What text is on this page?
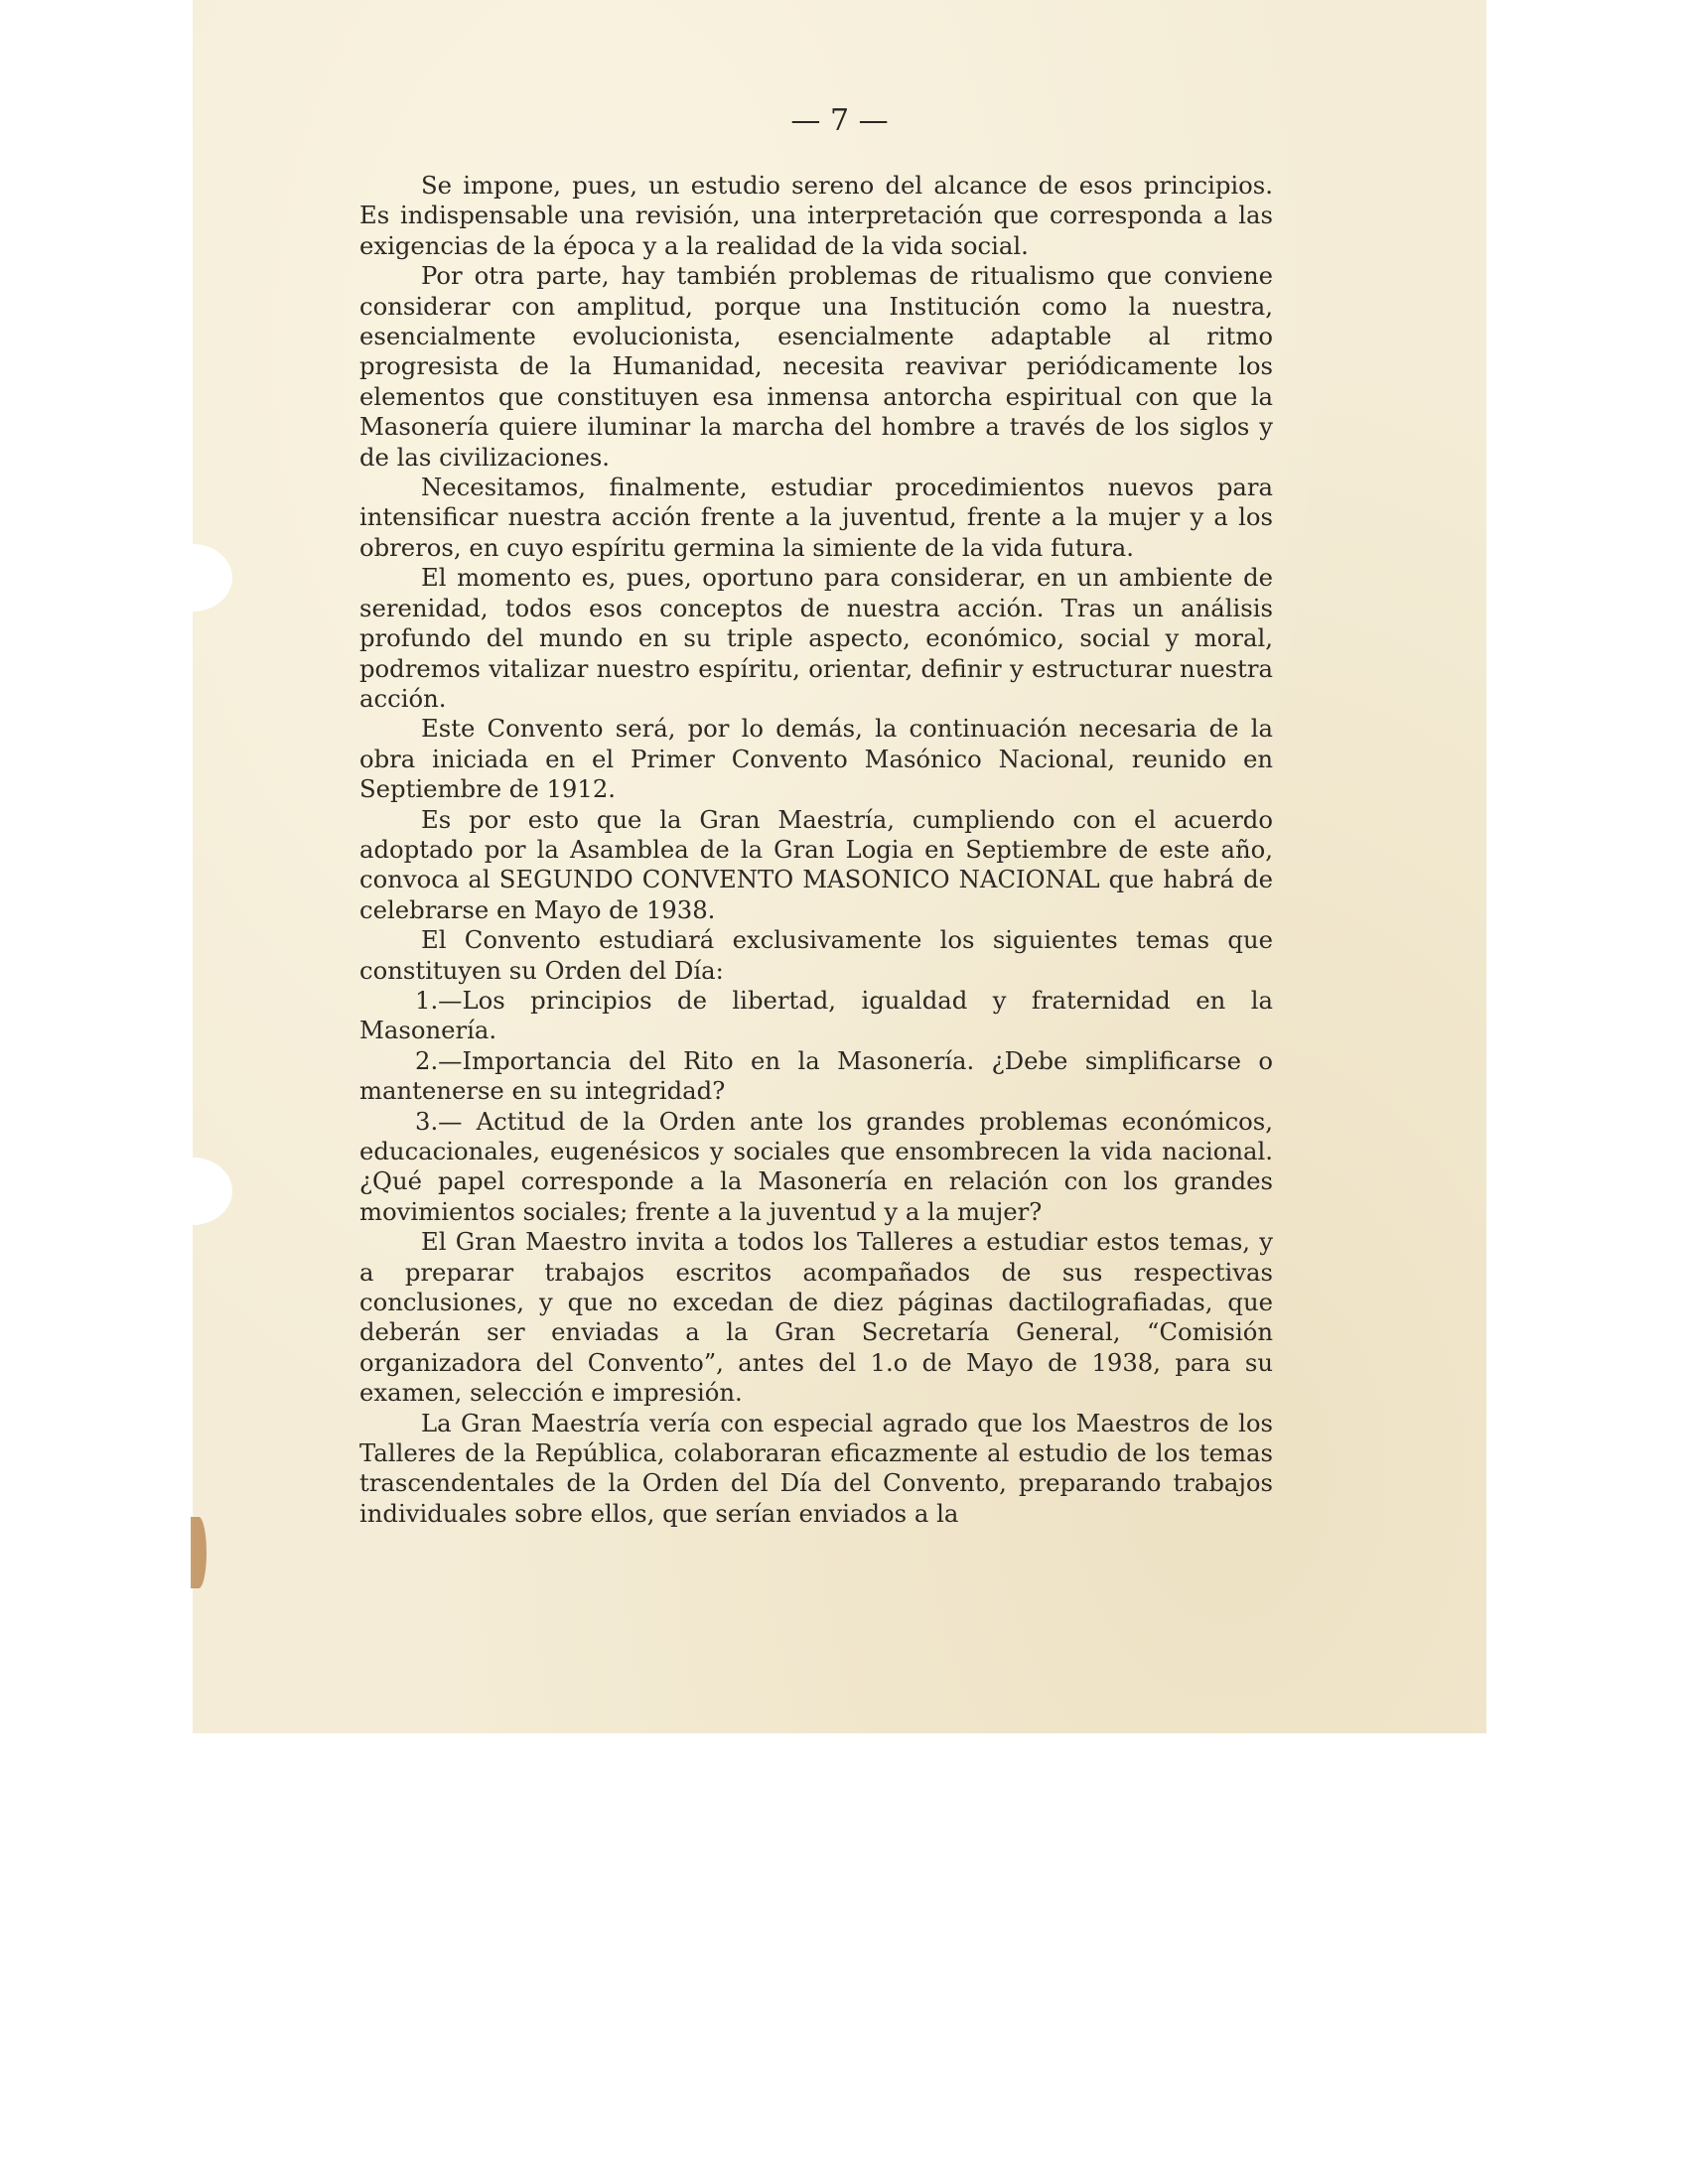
— 7 —

Se impone, pues, un estudio sereno del alcance de esos principios. Es indispensable una revisión, una interpretación que corresponda a las exigencias de la época y a la realidad de la vida social.

Por otra parte, hay también problemas de ritualismo que conviene considerar con amplitud, porque una Institución como la nuestra, esencialmente evolucionista, esencialmente adaptable al ritmo progresista de la Humanidad, necesita reavivar periódicamente los elementos que constituyen esa inmensa antorcha espiritual con que la Masonería quiere iluminar la marcha del hombre a través de los siglos y de las civilizaciones.

Necesitamos, finalmente, estudiar procedimientos nuevos para intensificar nuestra acción frente a la juventud, frente a la mujer y a los obreros, en cuyo espíritu germina la simiente de la vida futura.

El momento es, pues, oportuno para considerar, en un ambiente de serenidad, todos esos conceptos de nuestra acción. Tras un análisis profundo del mundo en su triple aspecto, económico, social y moral, podremos vitalizar nuestro espíritu, orientar, definir y estructurar nuestra acción.

Este Convento será, por lo demás, la continuación necesaria de la obra iniciada en el Primer Convento Masónico Nacional, reunido en Septiembre de 1912.

Es por esto que la Gran Maestría, cumpliendo con el acuerdo adoptado por la Asamblea de la Gran Logia en Septiembre de este año, convoca al SEGUNDO CONVENTO MASONICO NACIONAL que habrá de celebrarse en Mayo de 1938.

El Convento estudiará exclusivamente los siguientes temas que constituyen su Orden del Día:

1.—Los principios de libertad, igualdad y fraternidad en la Masonería.

2.—Importancia del Rito en la Masonería. ¿Debe simplificarse o mantenerse en su integridad?

3.— Actitud de la Orden ante los grandes problemas económicos, educacionales, eugenésicos y sociales que ensombrecen la vida nacional. ¿Qué papel corresponde a la Masonería en relación con los grandes movimientos sociales; frente a la juventud y a la mujer?

El Gran Maestro invita a todos los Talleres a estudiar estos temas, y a preparar trabajos escritos acompañados de sus respectivas conclusiones, y que no excedan de diez páginas dactilografiadas, que deberán ser enviadas a la Gran Secretaría General, “Comisión organizadora del Convento”, antes del 1.o de Mayo de 1938, para su examen, selección e impresión.

La Gran Maestría vería con especial agrado que los Maestros de los Talleres de la República, colaboraran eficazmente al estudio de los temas trascendentales de la Orden del Día del Convento, preparando trabajos individuales sobre ellos, que serían enviados a la
